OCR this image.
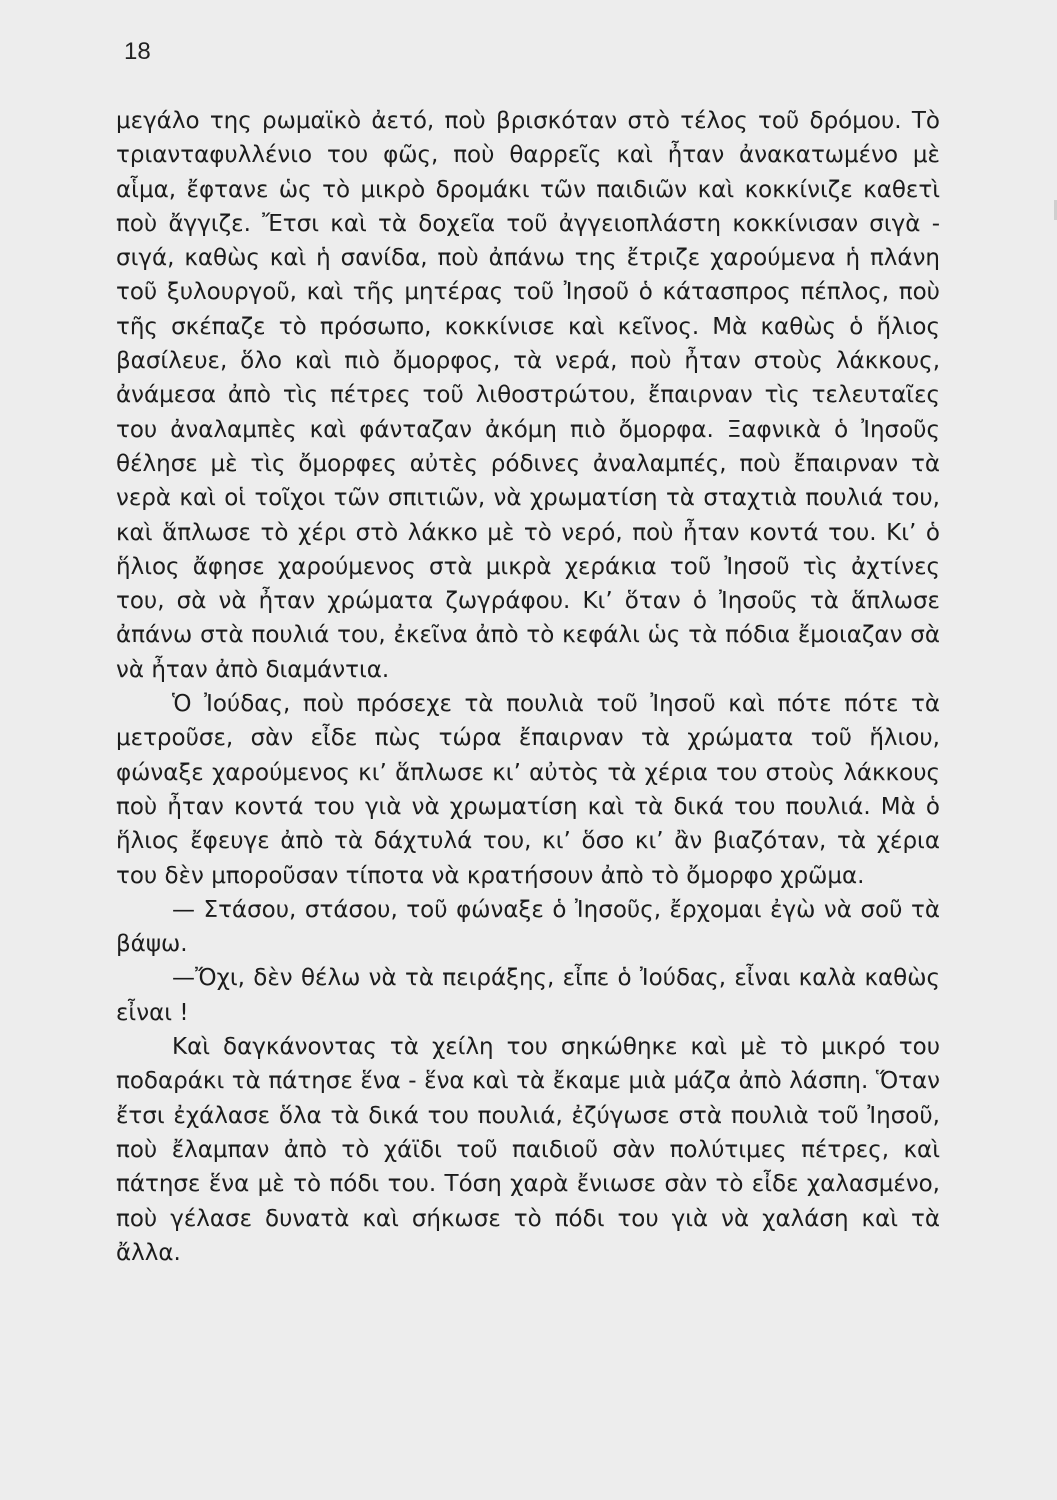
18

μεγάλο της ρωμαϊκὸ ἀετό, ποὺ βρισκόταν στὸ τέλος τοῦ δρόμου. Τὸ τριανταφυλλένιο του φῶς, ποὺ θαρρεῖς καὶ ἦταν ἀνακατωμένο μὲ αἷμα, ἔφτανε ὡς τὸ μικρὸ δρομάκι τῶν παιδιῶν καὶ κοκκίνιζε καθετὶ ποὺ ἄγγιζε. Ἔτσι καὶ τὰ δοχεῖα τοῦ ἀγγειοπλάστη κοκκίνισαν σιγὰ - σιγά, καθὼς καὶ ἡ σανίδα, ποὺ ἀπάνω της ἔτριζε χαρούμενα ἡ πλάνη τοῦ ξυλουργοῦ, καὶ τῆς μητέρας τοῦ Ἰησοῦ ὁ κάτασπρος πέπλος, ποὺ τῆς σκέπαζε τὸ πρόσωπο, κοκκίνισε καὶ κεῖνος. Μὰ καθὼς ὁ ἥλιος βασίλευε, ὅλο καὶ πιὸ ὄμορφος, τὰ νερά, ποὺ ἦταν στοὺς λάκκους, ἀνάμεσα ἀπὸ τὶς πέτρες τοῦ λιθοστρώτου, ἔπαιρναν τὶς τελευταῖες του ἀναλαμπὲς καὶ φάνταζαν ἀκόμη πιὸ ὄμορφα. Ξαφνικὰ ὁ Ἰησοῦς θέλησε μὲ τὶς ὄμορφες αὐτὲς ρόδινες ἀναλαμπές, ποὺ ἔπαιρναν τὰ νερὰ καὶ οἱ τοῖχοι τῶν σπιτιῶν, νὰ χρωματίση τὰ σταχτιὰ πουλιά του, καὶ ἅπλωσε τὸ χέρι στὸ λάκκο μὲ τὸ νερό, ποὺ ἦταν κοντά του. Κι’ ὁ ἥλιος ἄφησε χαρούμενος στὰ μικρὰ χεράκια τοῦ Ἰησοῦ τὶς ἀχτίνες του, σὰ νὰ ἦταν χρώματα ζωγράφου. Κι’ ὅταν ὁ Ἰησοῦς τὰ ἅπλωσε ἀπάνω στὰ πουλιά του, ἐκεῖνα ἀπὸ τὸ κεφάλι ὡς τὰ πόδια ἔμοιαζαν σὰ νὰ ἦταν ἀπὸ διαμάντια.

Ὁ Ἰούδας, ποὺ πρόσεχε τὰ πουλιὰ τοῦ Ἰησοῦ καὶ πότε πότε τὰ μετροῦσε, σὰν εἶδε πὼς τώρα ἔπαιρναν τὰ χρώματα τοῦ ἥλιου, φώναξε χαρούμενος κι’ ἅπλωσε κι’ αὐτὸς τὰ χέρια του στοὺς λάκκους ποὺ ἦταν κοντά του γιὰ νὰ χρωματίση καὶ τὰ δικά του πουλιά. Μὰ ὁ ἥλιος ἔφευγε ἀπὸ τὰ δάχτυλά του, κι’ ὅσο κι’ ἂν βιαζόταν, τὰ χέρια του δὲν μποροῦσαν τίποτα νὰ κρατήσουν ἀπὸ τὸ ὄμορφο χρῶμα.

— Στάσου, στάσου, τοῦ φώναξε ὁ Ἰησοῦς, ἔρχομαι ἐγὼ νὰ σοῦ τὰ βάψω.

—Ὄχι, δὲν θέλω νὰ τὰ πειράξης, εἶπε ὁ Ἰούδας, εἶναι καλὰ καθὼς εἶναι !

Καὶ δαγκάνοντας τὰ χείλη του σηκώθηκε καὶ μὲ τὸ μικρό του ποδαράκι τὰ πάτησε ἕνα - ἕνα καὶ τὰ ἔκαμε μιὰ μάζα ἀπὸ λάσπη. Ὅταν ἔτσι ἐχάλασε ὅλα τὰ δικά του πουλιά, ἐζύγωσε στὰ πουλιὰ τοῦ Ἰησοῦ, ποὺ ἔλαμπαν ἀπὸ τὸ χάϊδι τοῦ παιδιοῦ σὰν πολύτιμες πέτρες, καὶ πάτησε ἕνα μὲ τὸ πόδι του. Τόση χαρὰ ἔνιωσε σὰν τὸ εἶδε χαλασμένο, ποὺ γέλασε δυνατὰ καὶ σήκωσε τὸ πόδι του γιὰ νὰ χαλάση καὶ τὰ ἄλλα.
